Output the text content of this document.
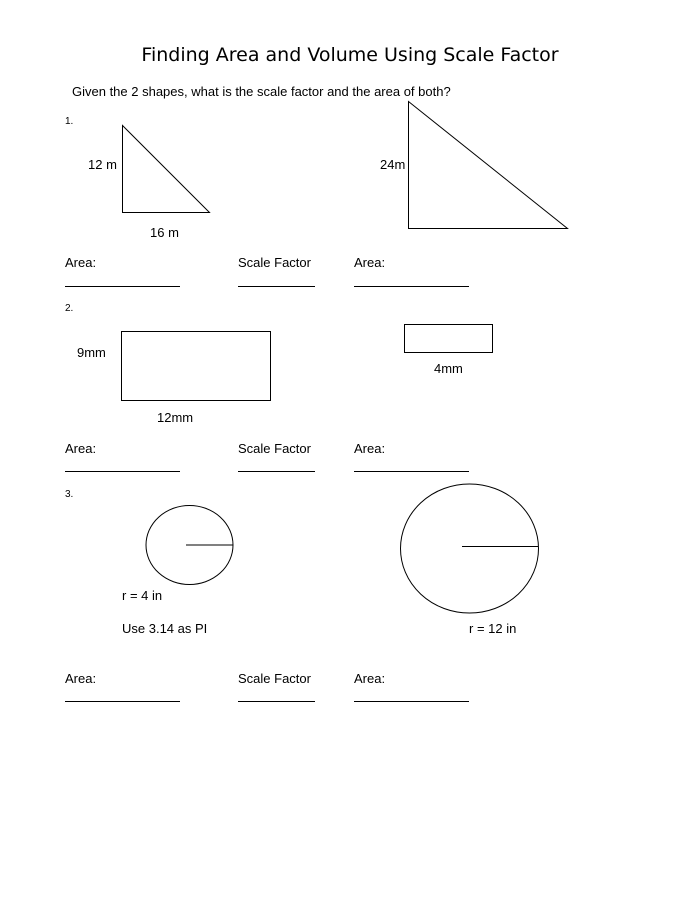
Finding Area and Volume Using Scale Factor
Given the 2 shapes, what is the scale factor and the area of both?
1.
12 m
16 m
24m
Area:	Scale Factor	Area:
2.
9mm
12mm
4mm
Area:	Scale Factor	Area:
3.
r = 4 in
Use 3.14 as PI	r = 12 in
Area:	Scale Factor	Area:
